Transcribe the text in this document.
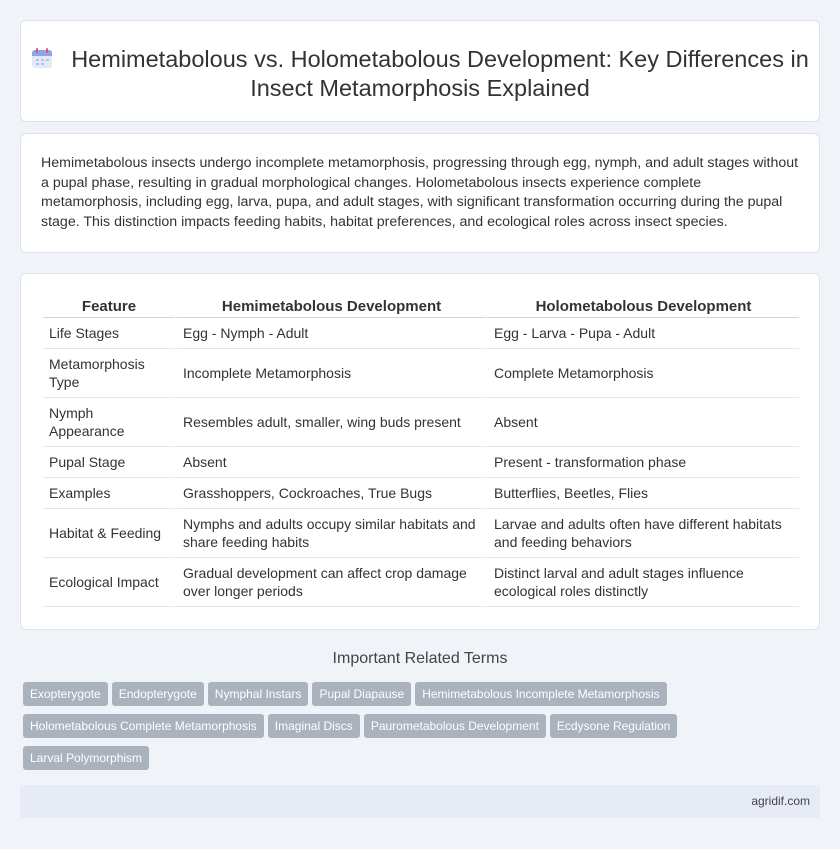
Hemimetabolous vs. Holometabolous Development: Key Differences in Insect Metamorphosis Explained

Hemimetabolous insects undergo incomplete metamorphosis, progressing through egg, nymph, and adult stages without a pupal phase, resulting in gradual morphological changes. Holometabolous insects experience complete metamorphosis, including egg, larva, pupa, and adult stages, with significant transformation occurring during the pupal stage. This distinction impacts feeding habits, habitat preferences, and ecological roles across insect species.

Feature	Hemimetabolous Development	Holometabolous Development
Life Stages	Egg - Nymph - Adult	Egg - Larva - Pupa - Adult
Metamorphosis Type	Incomplete Metamorphosis	Complete Metamorphosis
Nymph Appearance	Resembles adult, smaller, wing buds present	Absent
Pupal Stage	Absent	Present - transformation phase
Examples	Grasshoppers, Cockroaches, True Bugs	Butterflies, Beetles, Flies
Habitat & Feeding	Nymphs and adults occupy similar habitats and share feeding habits	Larvae and adults often have different habitats and feeding behaviors
Ecological Impact	Gradual development can affect crop damage over longer periods	Distinct larval and adult stages influence ecological roles distinctly
Important Related Terms
Exopterygote Endopterygote Nymphal Instars Pupal Diapause Hemimetabolous Incomplete Metamorphosis
Holometabolous Complete Metamorphosis Imaginal Discs Paurometabolous Development Ecdysone Regulation
Larval Polymorphism
agridif.com
